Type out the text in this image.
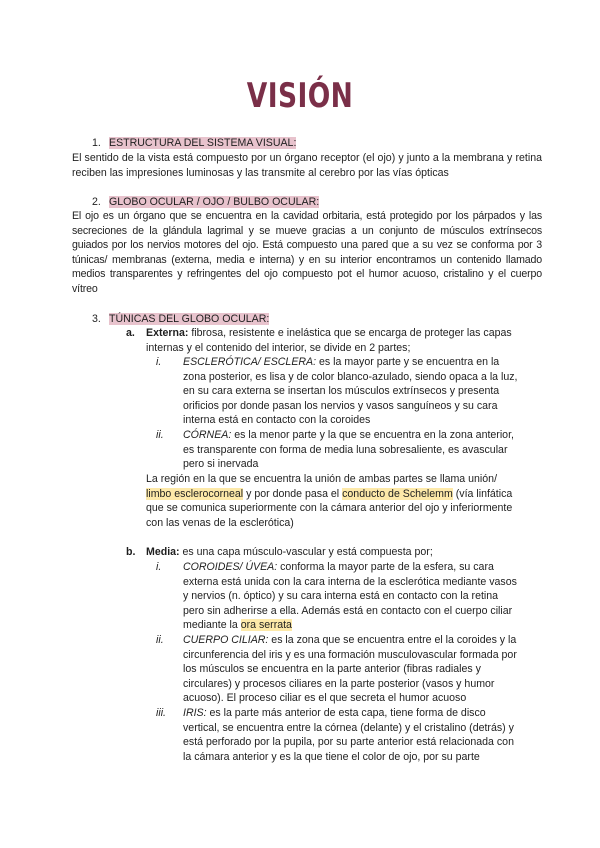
VISIÓN
1. ESTRUCTURA DEL SISTEMA VISUAL:
El sentido de la vista está compuesto por un órgano receptor (el ojo) y junto a la membrana y retina reciben las impresiones luminosas y las transmite al cerebro por las vías ópticas
2. GLOBO OCULAR / OJO / BULBO OCULAR:
El ojo es un órgano que se encuentra en la cavidad orbitaria, está protegido por los párpados y las secreciones de la glándula lagrimal y se mueve gracias a un conjunto de músculos extrínsecos guiados por los nervios motores del ojo. Está compuesto una pared que a su vez se conforma por 3 túnicas/ membranas (externa, media e interna) y en su interior encontramos un contenido llamado medios transparentes y refringentes del ojo compuesto pot el humor acuoso, cristalino y el cuerpo vítreo
3. TÚNICAS DEL GLOBO OCULAR:
a.	Externa: fibrosa, resistente e inelástica que se encarga de proteger las capas internas y el contenido del interior, se divide en 2 partes;
i.	ESCLERÓTICA/ ESCLERA: es la mayor parte y se encuentra en la zona posterior, es lisa y de color blanco-azulado, siendo opaca a la luz, en su cara externa se insertan los músculos extrínsecos y presenta orificios por donde pasan los nervios y vasos sanguíneos y su cara interna está en contacto con la coroides
ii.	CÓRNEA: es la menor parte y la que se encuentra en la zona anterior, es transparente con forma de media luna sobresaliente, es avascular pero si inervada
La región en la que se encuentra la unión de ambas partes se llama unión/ limbo esclerocorneal y por donde pasa el conducto de Schelemm (vía linfática que se comunica superiormente con la cámara anterior del ojo y inferiormente con las venas de la esclerótica)
b. Media: es una capa músculo-vascular y está compuesta por;
i.	COROIDES/ ÚVEA: conforma la mayor parte de la esfera, su cara externa está unida con la cara interna de la esclerótica mediante vasos y nervios (n. óptico) y su cara interna está en contacto con la retina pero sin adherirse a ella. Además está en contacto con el cuerpo ciliar mediante la ora serrata
ii.	CUERPO CILIAR: es la zona que se encuentra entre el la coroides y la circunferencia del iris y es una formación musculovascular formada por los músculos se encuentra en la parte anterior (fibras radiales y circulares) y procesos ciliares en la parte posterior (vasos y humor acuoso). El proceso ciliar es el que secreta el humor acuoso
iii.	IRIS: es la parte más anterior de esta capa, tiene forma de disco vertical, se encuentra entre la córnea (delante) y el cristalino (detrás) y está perforado por la pupila, por su parte anterior está relacionada con la cámara anterior y es la que tiene el color de ojo, por su parte
